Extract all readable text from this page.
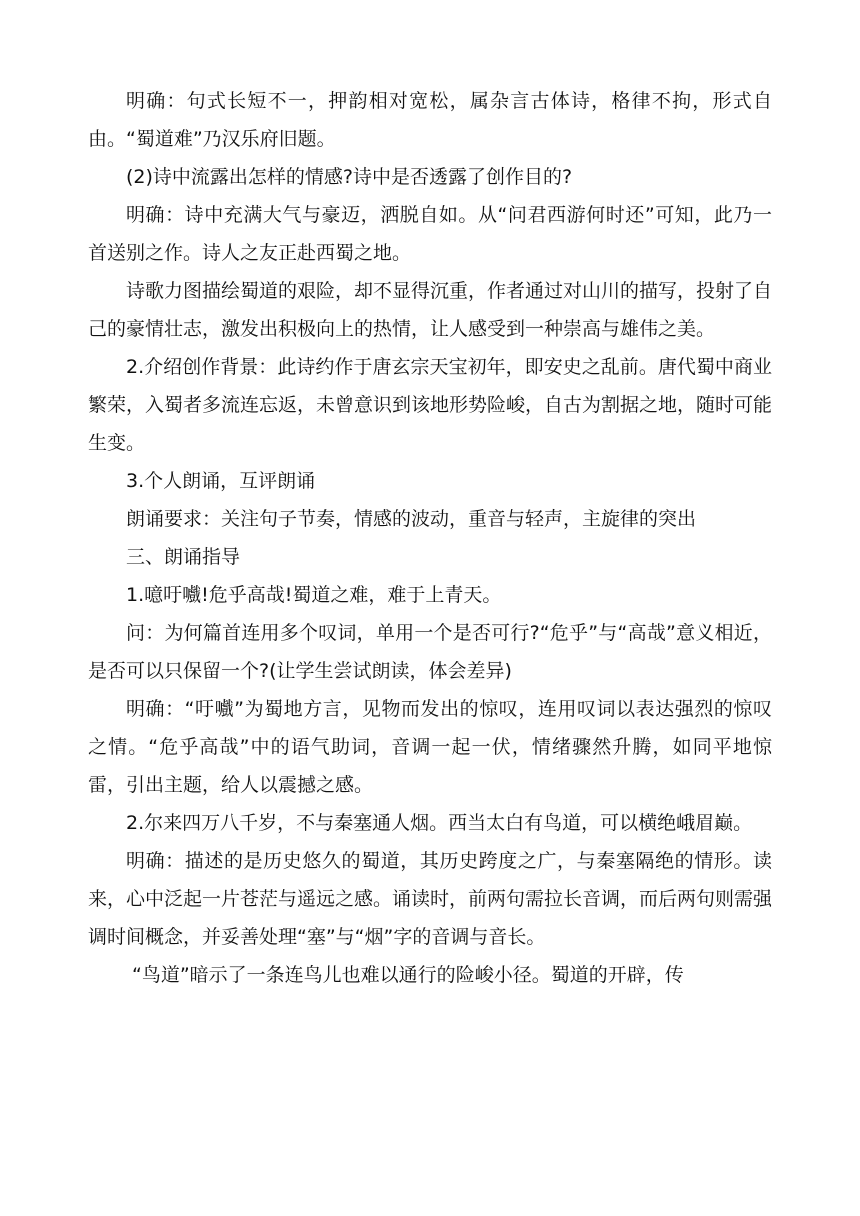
明确：句式长短不一，押韵相对宽松，属杂言古体诗，格律不拘，形式自由。“蜀道难”乃汉乐府旧题。

(2)诗中流露出怎样的情感?诗中是否透露了创作目的?

明确：诗中充满大气与豪迈，洒脱自如。从“问君西游何时还”可知，此乃一首送别之作。诗人之友正赴西蜀之地。

诗歌力图描绘蜀道的艰险，却不显得沉重，作者通过对山川的描写，投射了自己的豪情壮志，激发出积极向上的热情，让人感受到一种崇高与雄伟之美。

2.介绍创作背景：此诗约作于唐玄宗天宝初年，即安史之乱前。唐代蜀中商业繁荣，入蜀者多流连忘返，未曾意识到该地形势险峻，自古为割据之地，随时可能生变。

3.个人朗诵，互评朗诵

朗诵要求：关注句子节奏，情感的波动，重音与轻声，主旋律的突出

三、朗诵指导

1.噫吁嚱!危乎高哉!蜀道之难，难于上青天。

问：为何篇首连用多个叹词，单用一个是否可行?“危乎”与“高哉”意义相近，是否可以只保留一个?(让学生尝试朗读，体会差异)

明确：“吁嚱”为蜀地方言，见物而发出的惊叹，连用叹词以表达强烈的惊叹之情。“危乎高哉”中的语气助词，音调一起一伏，情绪骤然升腾，如同平地惊雷，引出主题，给人以震撼之感。

2.尔来四万八千岁，不与秦塞通人烟。西当太白有鸟道，可以横绝峨眉巅。

明确：描述的是历史悠久的蜀道，其历史跨度之广，与秦塞隔绝的情形。读来，心中泛起一片苍茫与遥远之感。诵读时，前两句需拉长音调，而后两句则需强调时间概念，并妥善处理“塞”与“烟”字的音调与音长。

“鸟道”暗示了一条连鸟儿也难以通行的险峻小径。蜀道的开辟，传
